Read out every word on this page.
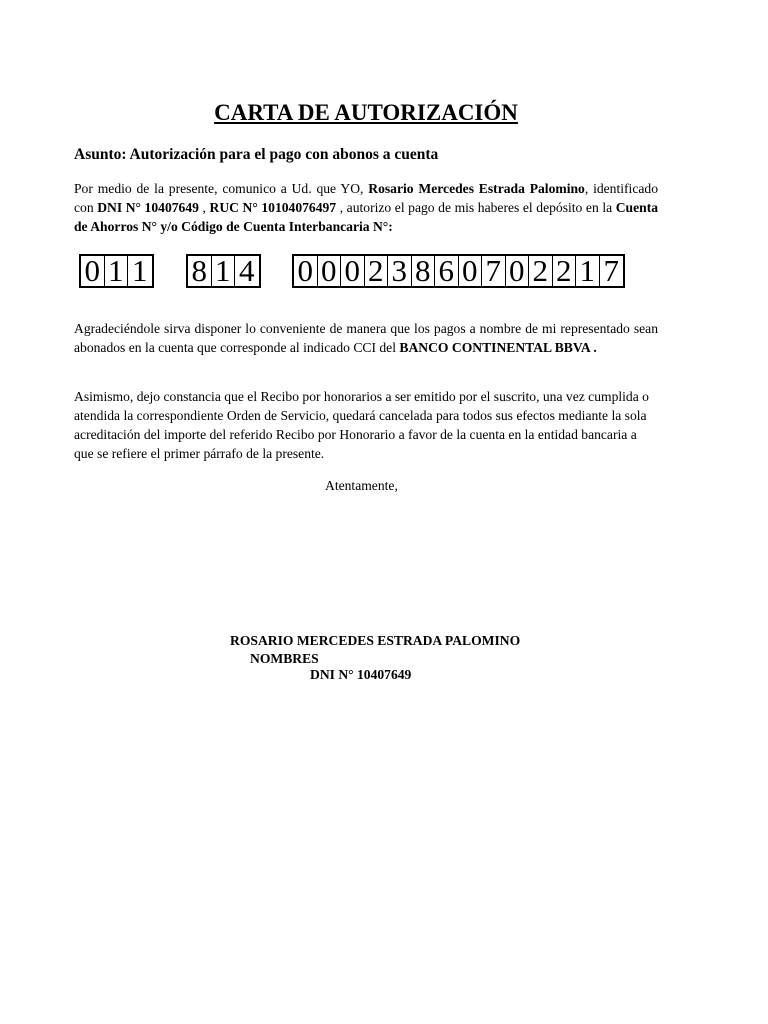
CARTA DE AUTORIZACIÓN

Asunto: Autorización para el pago con abonos a cuenta

Por medio de la presente, comunico a Ud. que YO, Rosario Mercedes Estrada Palomino, identificado con DNI N° 10407649 , RUC N° 10104076497 , autorizo el pago de mis haberes el depósito en la Cuenta de Ahorros N° y/o Código de Cuenta Interbancaria N°:

0 1 1 8 1 4 0 0 0 2 3 8 6 0 7 0 2 2 1 7

Agradeciéndole sirva disponer lo conveniente de manera que los pagos a nombre de mi representado sean abonados en la cuenta que corresponde al indicado CCI del BANCO CONTINENTAL BBVA .

Asimismo, dejo constancia que el Recibo por honorarios a ser emitido por el suscrito, una vez cumplida o atendida la correspondiente Orden de Servicio, quedará cancelada para todos sus efectos mediante la sola acreditación del importe del referido Recibo por Honorario a favor de la cuenta en la entidad bancaria a que se refiere el primer párrafo de la presente.

Atentamente,

ROSARIO MERCEDES ESTRADA PALOMINO

NOMBRES

DNI N° 10407649
